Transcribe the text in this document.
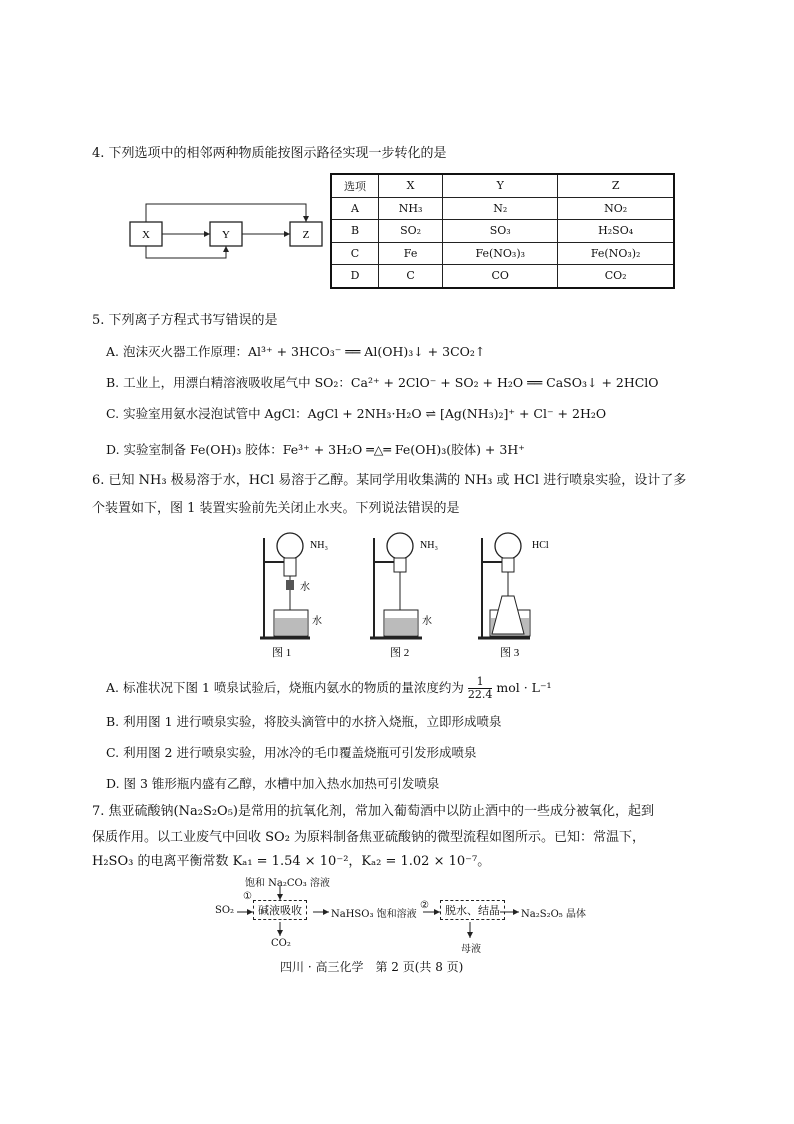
4. 下列选项中的相邻两种物质能按图示路径实现一步转化的是
X	Y	Z
选项	X	Y	Z
A	NH₃	N₂	NO₂
B	SO₂	SO₃	H₂SO₄
C	Fe	Fe(NO₃)₃	Fe(NO₃)₂
D	C	CO	CO₂
5. 下列离子方程式书写错误的是
A. 泡沫灭火器工作原理：Al³⁺ + 3HCO₃⁻ ══ Al(OH)₃↓ + 3CO₂↑
B. 工业上，用漂白精溶液吸收尾气中 SO₂：Ca²⁺ + 2ClO⁻ + SO₂ + H₂O ══ CaSO₃↓ + 2HClO
C. 实验室用氨水浸泡试管中 AgCl：AgCl + 2NH₃·H₂O ⇌ [Ag(NH₃)₂]⁺ + Cl⁻ + 2H₂O
D. 实验室制备 Fe(OH)₃ 胶体：Fe³⁺ + 3H₂O ═△═ Fe(OH)₃(胶体) + 3H⁺
6. 已知 NH₃ 极易溶于水，HCl 易溶于乙醇。某同学用收集满的 NH₃ 或 HCl 进行喷泉实验，设计了多
个装置如下，图 1 装置实验前先关闭止水夹。下列说法错误的是
NH₃
水
水
图 1
NH₃
水
图 2
HCl
图 3
A. 标准状况下图 1 喷泉试验后，烧瓶内氨水的物质的量浓度约为 $\frac{1}{22.4}$ mol · L⁻¹
B. 利用图 1 进行喷泉实验，将胶头滴管中的水挤入烧瓶，立即形成喷泉
C. 利用图 2 进行喷泉实验，用冰冷的毛巾覆盖烧瓶可引发形成喷泉
D. 图 3 锥形瓶内盛有乙醇，水槽中加入热水加热可引发喷泉
7. 焦亚硫酸钠(Na₂S₂O₅)是常用的抗氧化剂，常加入葡萄酒中以防止酒中的一些成分被氧化，起到
保质作用。以工业废气中回收 SO₂ 为原料制备焦亚硫酸钠的微型流程如图所示。已知：常温下，
H₂SO₃ 的电离平衡常数 Kₐ₁ = 1.54 × 10⁻²，Kₐ₂ = 1.02 × 10⁻⁷。
饱和 Na₂CO₃ 溶液
①
SO₂	碱液吸收
CO₂
NaHSO₃ 饱和溶液
②	脱水、结晶
母液
Na₂S₂O₅ 晶体
四川 · 高三化学　第 2 页(共 8 页)
